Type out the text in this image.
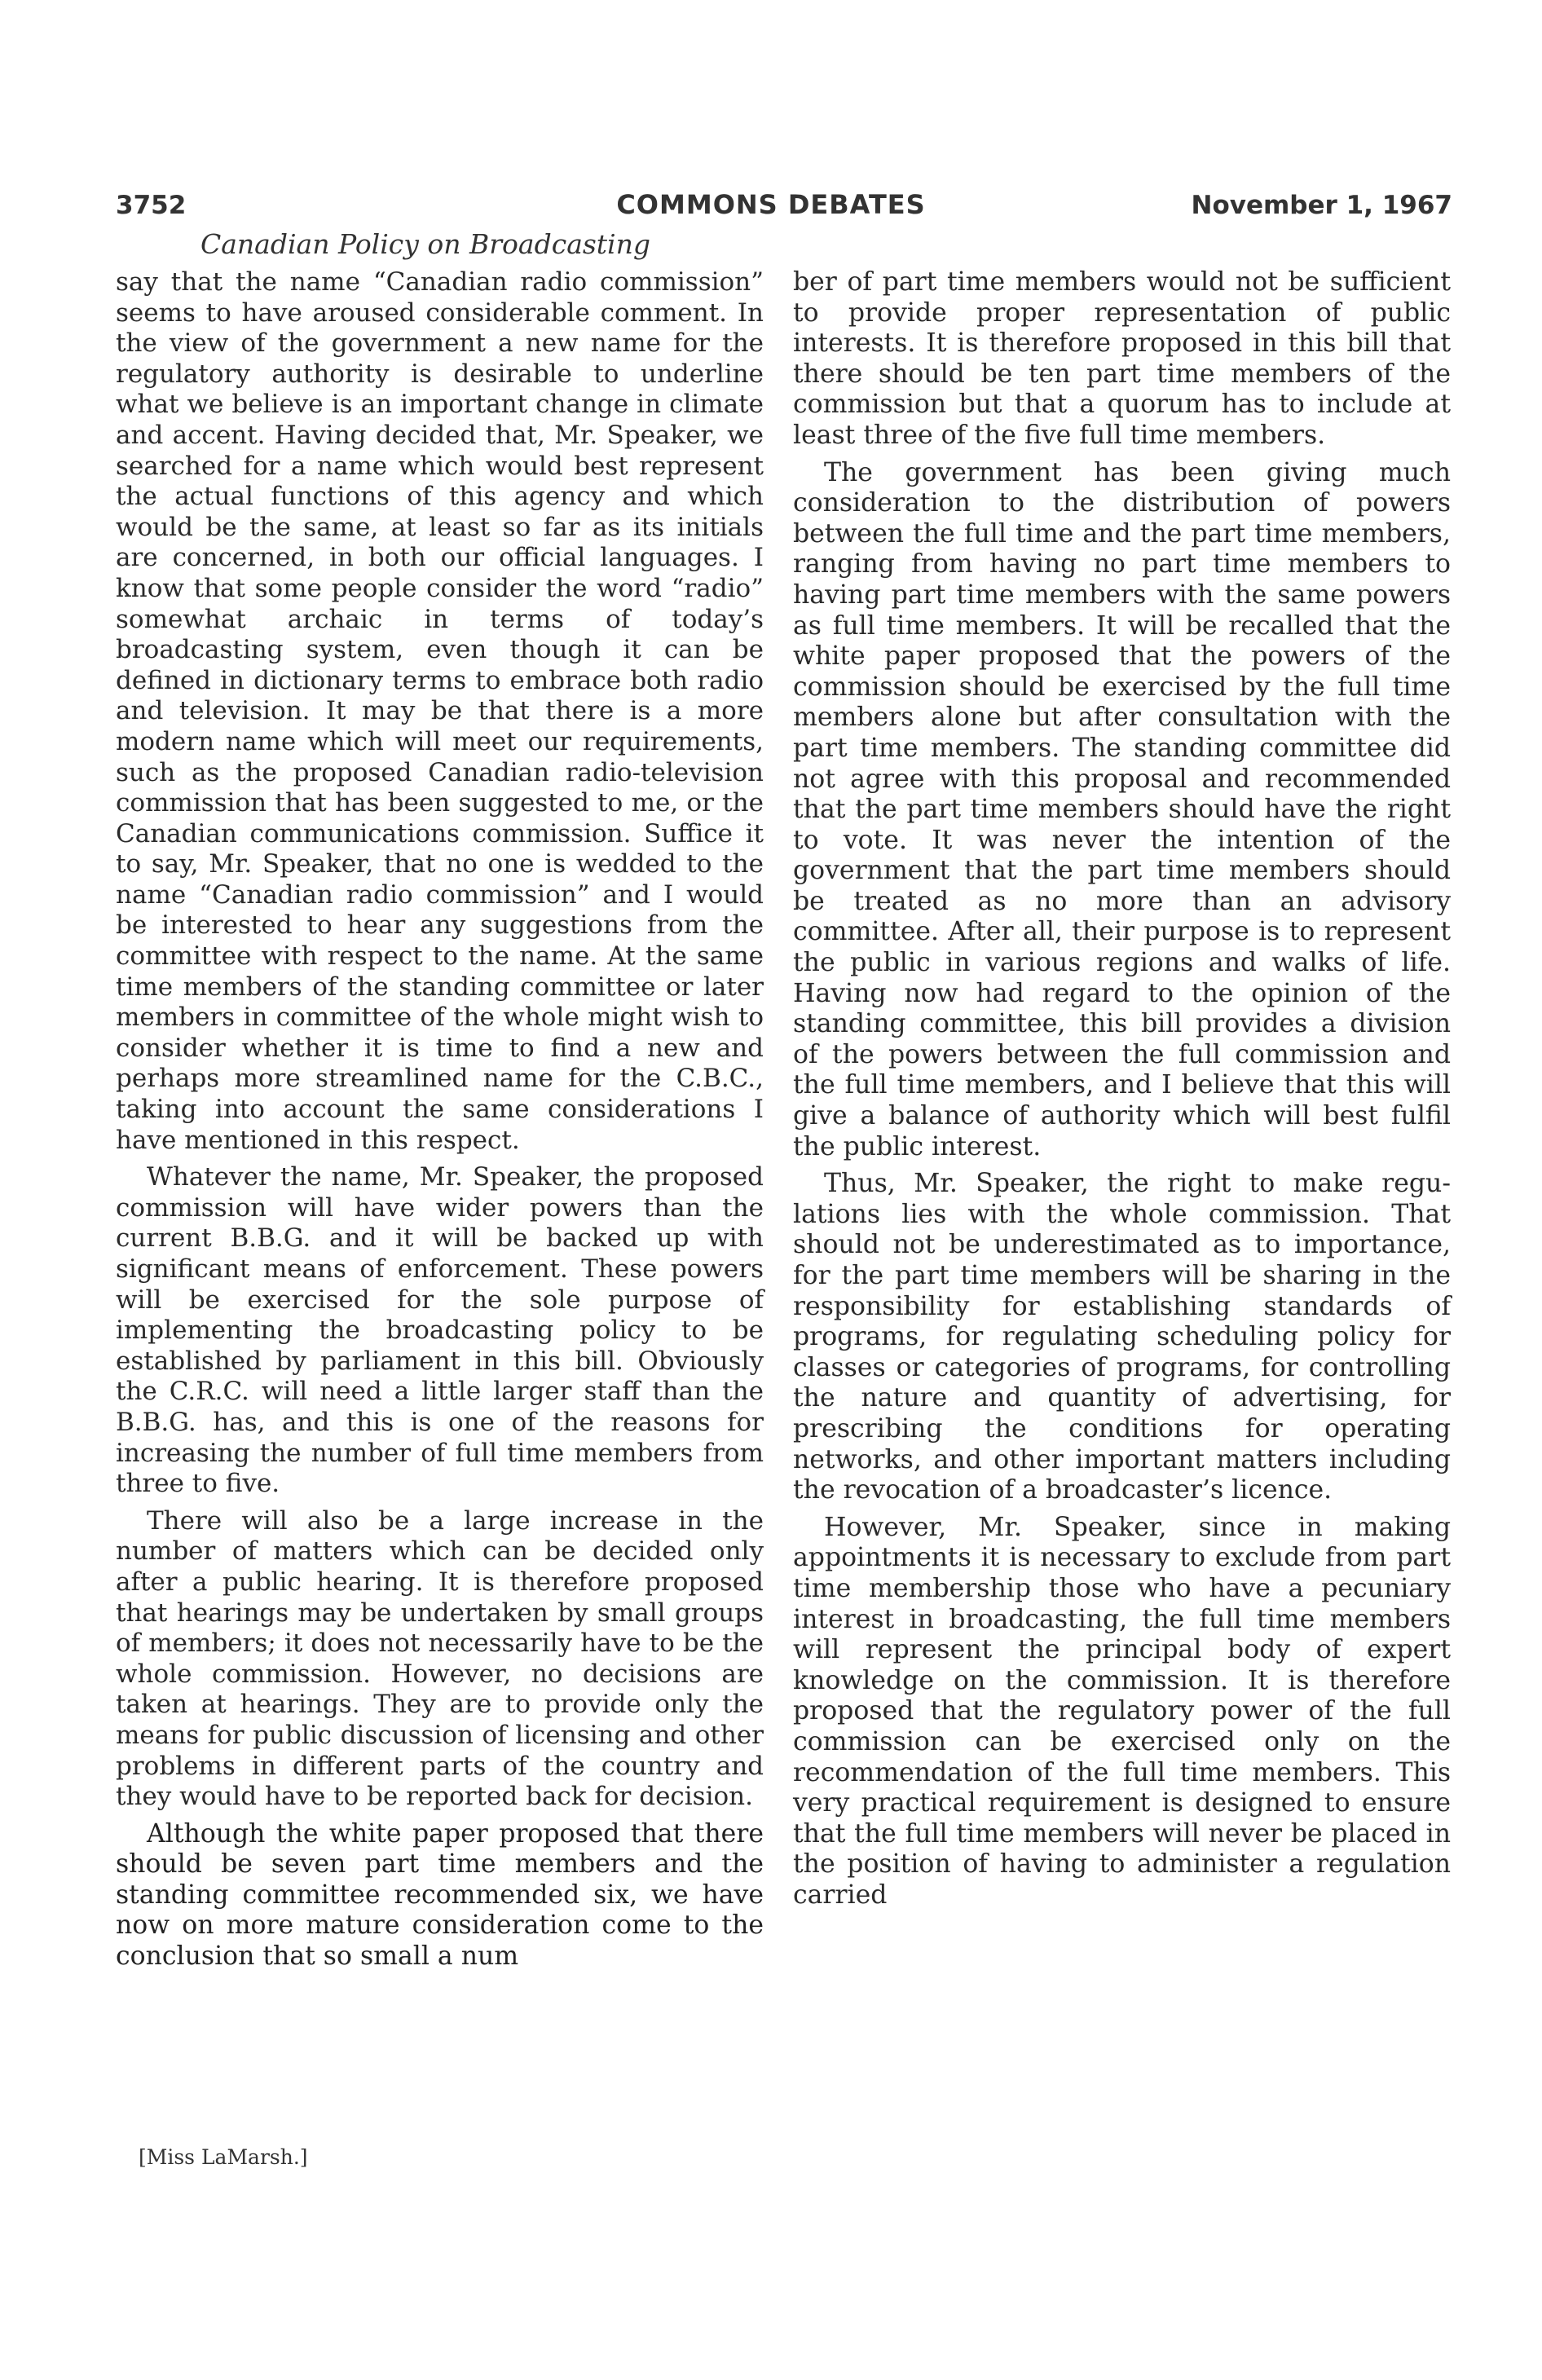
3752	COMMONS DEBATES	November 1, 1967
Canadian Policy on Broadcasting

say that the name “Canadian radio commission” seems to have aroused considerable comment. In the view of the government a new name for the regulatory authority is desirable to underline what we believe is an important change in climate and accent. Having decided that, Mr. Speaker, we searched for a name which would best represent the actual functions of this agency and which would be the same, at least so far as its initials are concerned, in both our official languages. I know that some people consider the word “radio” somewhat archaic in terms of today’s broadcasting system, even though it can be defined in dictionary terms to embrace both radio and television. It may be that there is a more modern name which will meet our requirements, such as the proposed Canadian radio-television commission that has been suggested to me, or the Canadian communications commission. Suffice it to say, Mr. Speaker, that no one is wedded to the name “Canadian radio commission” and I would be interested to hear any suggestions from the committee with respect to the name. At the same time members of the standing committee or later members in committee of the whole might wish to consider whether it is time to find a new and perhaps more streamlined name for the C.B.C., taking into account the same considerations I have mentioned in this respect.

Whatever the name, Mr. Speaker, the proposed commission will have wider powers than the current B.B.G. and it will be backed up with significant means of enforcement. These powers will be exercised for the sole purpose of implementing the broadcasting policy to be established by parliament in this bill. Obviously the C.R.C. will need a little larger staff than the B.B.G. has, and this is one of the reasons for increasing the number of full time members from three to five.

There will also be a large increase in the number of matters which can be decided only after a public hearing. It is therefore proposed that hearings may be undertaken by small groups of members; it does not necessarily have to be the whole commission. However, no decisions are taken at hearings. They are to provide only the means for public discussion of licensing and other problems in different parts of the country and they would have to be reported back for decision.

Although the white paper proposed that there should be seven part time members and the standing committee recommended six, we have now on more mature consideration come to the conclusion that so small a num

ber of part time members would not be sufficient to provide proper representation of public interests. It is therefore proposed in this bill that there should be ten part time members of the commission but that a quorum has to include at least three of the five full time members.

The government has been giving much consideration to the distribution of powers between the full time and the part time members, ranging from having no part time members to having part time members with the same powers as full time members. It will be recalled that the white paper proposed that the powers of the commission should be exercised by the full time members alone but after consultation with the part time members. The standing committee did not agree with this proposal and recommended that the part time members should have the right to vote. It was never the intention of the government that the part time members should be treated as no more than an advisory committee. After all, their purpose is to represent the public in various regions and walks of life. Having now had regard to the opinion of the standing committee, this bill provides a division of the powers between the full commission and the full time members, and I believe that this will give a balance of authority which will best fulfil the public interest.

Thus, Mr. Speaker, the right to make regulations lies with the whole commission. That should not be underestimated as to importance, for the part time members will be sharing in the responsibility for establishing standards of programs, for regulating scheduling policy for classes or categories of programs, for controlling the nature and quantity of advertising, for prescribing the conditions for operating networks, and other important matters including the revocation of a broadcaster’s licence.

However, Mr. Speaker, since in making appointments it is necessary to exclude from part time membership those who have a pecuniary interest in broadcasting, the full time members will represent the principal body of expert knowledge on the commission. It is therefore proposed that the regulatory power of the full commission can be exercised only on the recommendation of the full time members. This very practical requirement is designed to ensure that the full time members will never be placed in the position of having to administer a regulation carried

[Miss LaMarsh.]
